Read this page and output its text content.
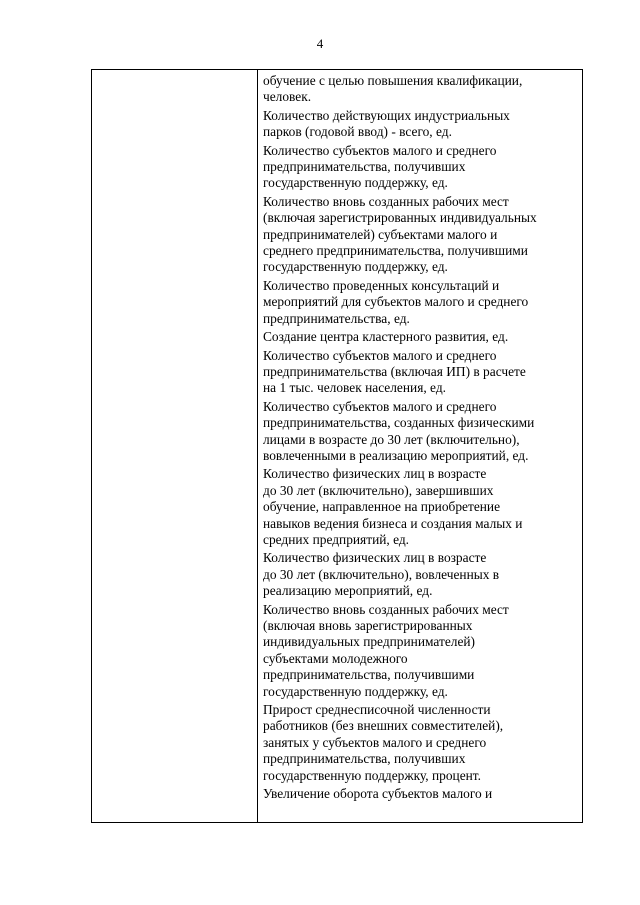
4

обучение с целью повышения квалификации,
человек.

Количество действующих индустриальных
парков (годовой ввод) - всего, ед.

Количество субъектов малого и среднего
предпринимательства, получивших
государственную поддержку, ед.

Количество вновь созданных рабочих мест
(включая зарегистрированных индивидуальных
предпринимателей) субъектами малого и
среднего предпринимательства, получившими
государственную поддержку, ед.

Количество проведенных консультаций и
мероприятий для субъектов малого и среднего
предпринимательства, ед.

Создание центра кластерного развития, ед.

Количество субъектов малого и среднего
предпринимательства (включая ИП) в расчете
на 1 тыс. человек населения, ед.

Количество субъектов малого и среднего
предпринимательства, созданных физическими
лицами в возрасте до 30 лет (включительно),
вовлеченными в реализацию мероприятий, ед.

Количество физических лиц в возрасте
до 30 лет (включительно), завершивших
обучение, направленное на приобретение
навыков ведения бизнеса и создания малых и
средних предприятий, ед.

Количество физических лиц в возрасте
до 30 лет (включительно), вовлеченных в
реализацию мероприятий, ед.

Количество вновь созданных рабочих мест
(включая вновь зарегистрированных
индивидуальных предпринимателей)
субъектами молодежного
предпринимательства, получившими
государственную поддержку, ед.

Прирост среднесписочной численности
работников (без внешних совместителей),
занятых у субъектов малого и среднего
предпринимательства, получивших
государственную поддержку, процент.

Увеличение оборота субъектов малого и
